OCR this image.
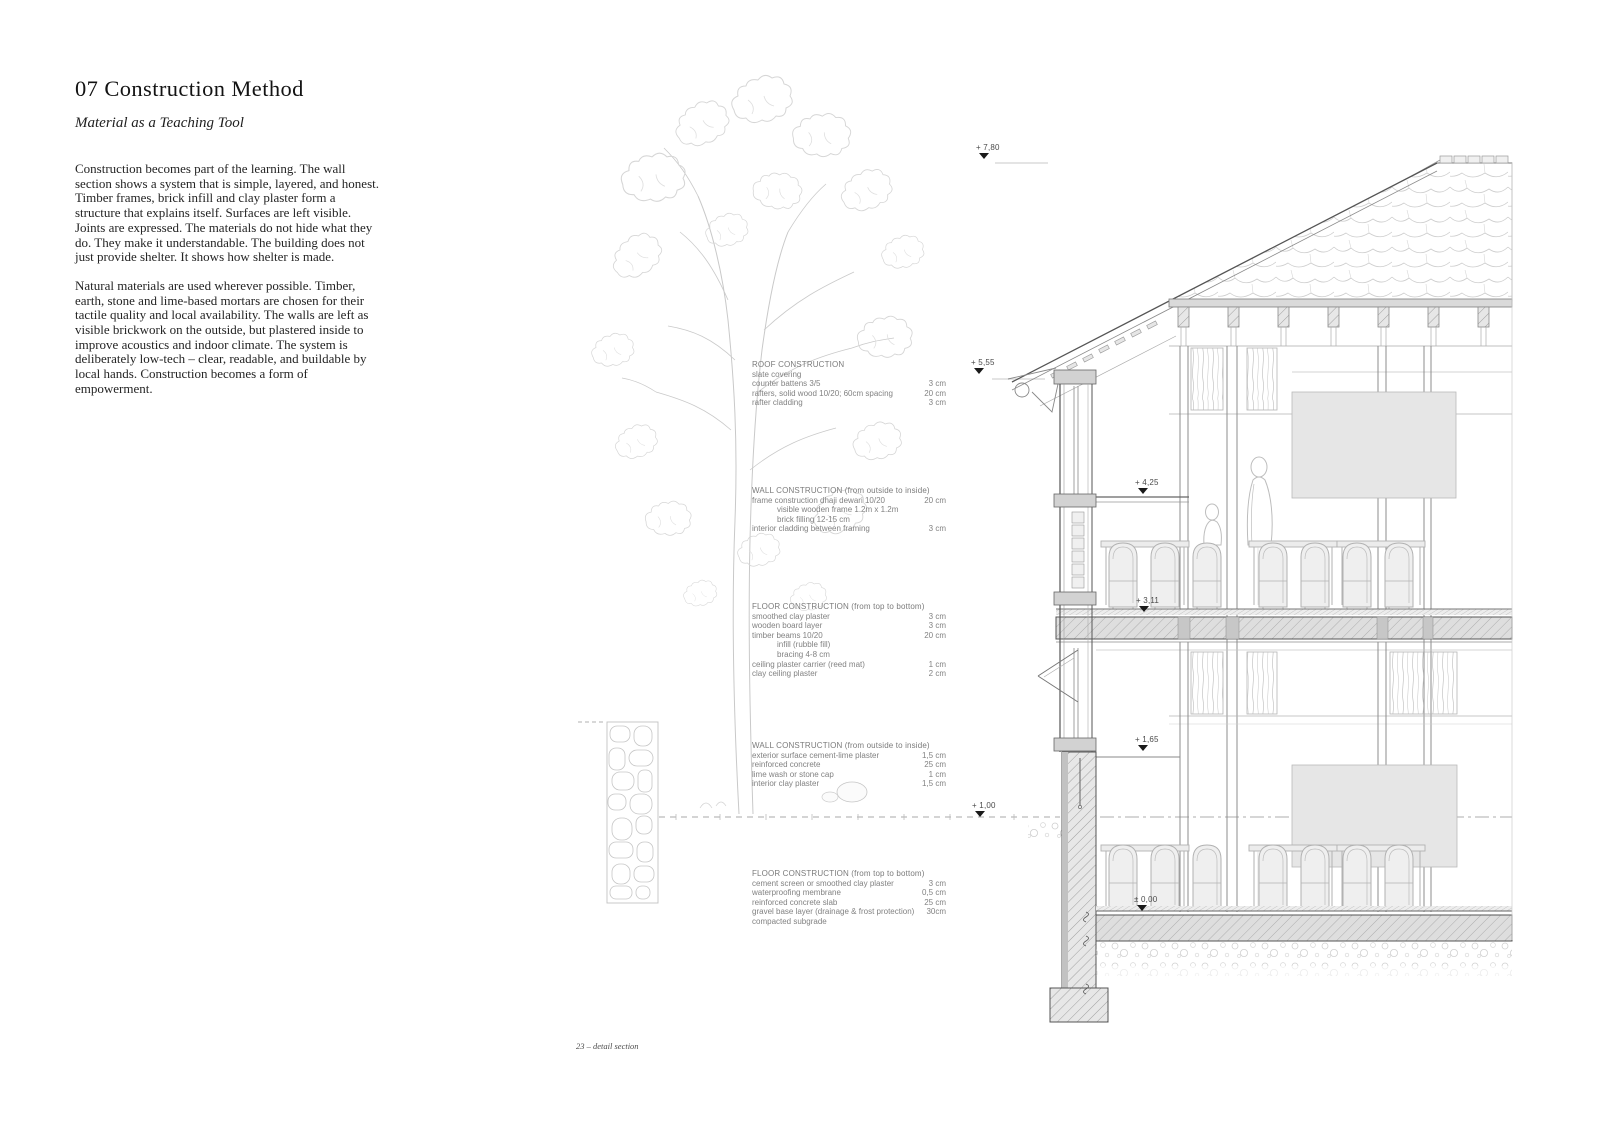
07 Construction Method
Material as a Teaching Tool

Construction becomes part of the learning. The wall section shows a system that is simple, layered, and honest. Timber frames, brick infill and clay plaster form a structure that explains itself. Surfaces are left visible. Joints are expressed. The materials do not hide what they do. They make it understandable. The building does not just provide shelter. It shows how shelter is made.

Natural materials are used wherever possible. Timber, earth, stone and lime-based mortars are chosen for their tactile quality and local availability. The walls are left as visible brickwork on the outside, but plastered inside to improve acoustics and indoor climate. The system is deliberately low-tech – clear, readable, and buildable by local hands. Construction becomes a form of empowerment.

ROOF CONSTRUCTION
slate covering
counter battens 3/5	3 cm
rafters, solid wood 10/20; 60cm spacing	20 cm
rafter cladding	3 cm
WALL CONSTRUCTION (from outside to inside)
frame construction dhaji dewari 10/20	20 cm
visible wooden frame 1.2m x 1.2m
brick filling 12-15 cm
interior cladding between framing	3 cm
FLOOR CONSTRUCTION (from top to bottom)
smoothed clay plaster	3 cm
wooden board layer	3 cm
timber beams 10/20	20 cm
infill (rubble fill)
bracing 4-8 cm
ceiling plaster carrier (reed mat)	1 cm
clay ceiling plaster	2 cm
WALL CONSTRUCTION (from outside to inside)
exterior surface cement-lime plaster	1,5 cm
reinforced concrete	25 cm
lime wash or stone cap	1 cm
interior clay plaster	1,5 cm
FLOOR CONSTRUCTION (from top to bottom)
cement screen or smoothed clay plaster	3 cm
waterproofing membrane	0,5 cm
reinforced concrete slab	25 cm
gravel base layer (drainage & frost protection)	30cm
compacted subgrade
+ 7,80
+ 5,55
+ 4,25
+ 3,11
+ 1,65
+ 1,00
± 0,00
23 – detail section
